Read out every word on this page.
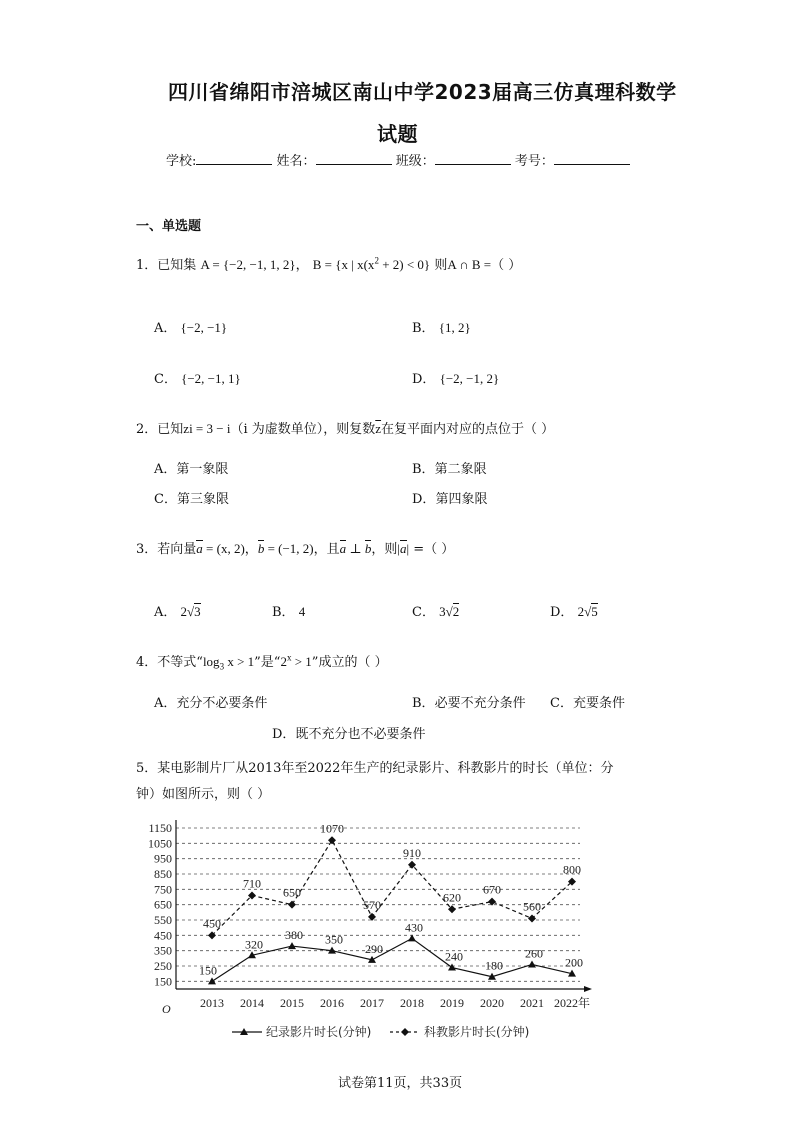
四川省绵阳市涪城区南山中学2023届高三仿真理科数学
试题
学校:	姓名：	班级：	考号：
一、单选题
1．已知集 A = {−2, −1, 1, 2}， B = {x | $x(x^2 + 2) < 0$} 则A ∩ B =（ ）
A． {−2, −1}	B． {1, 2}
C． {−2, −1, 1}	D． {−2, −1, 2}
2．已知zi = 3 − i（i 为虚数单位），则复数$\overline{z}$在复平面内对应的点位于（ ）
A．第一象限	B．第二象限
C．第三象限	D．第四象限
3．若向量a = (x, 2)，b = (−1, 2)，且a ⊥ b，则|a| =（ ）
A． 2√3	B． 4	C． 3√2	D． 2√5
4．不等式“$\log_3$ x > 1”是“$2^x > 1$”成立的（ ）
A．充分不必要条件	B．必要不充分条件 C．充要条件
D．既不充分也不必要条件
5．某电影制片厂从2013年至2022年生产的纪录影片、科教影片的时长（单位：分
钟）如图所示，则（ ）
150
250
350
450
550
650
750
850
950
1050
1150
O 2013 2014 2015 2016 2017 2018 2019 2020 2021 2022年
150
320
380 350
290
430
240
180
260
200
450
710
650
1070
570
910
620
670
560
800
纪录影片时长(分钟)	科教影片时长(分钟)
试卷第11页，共33页
